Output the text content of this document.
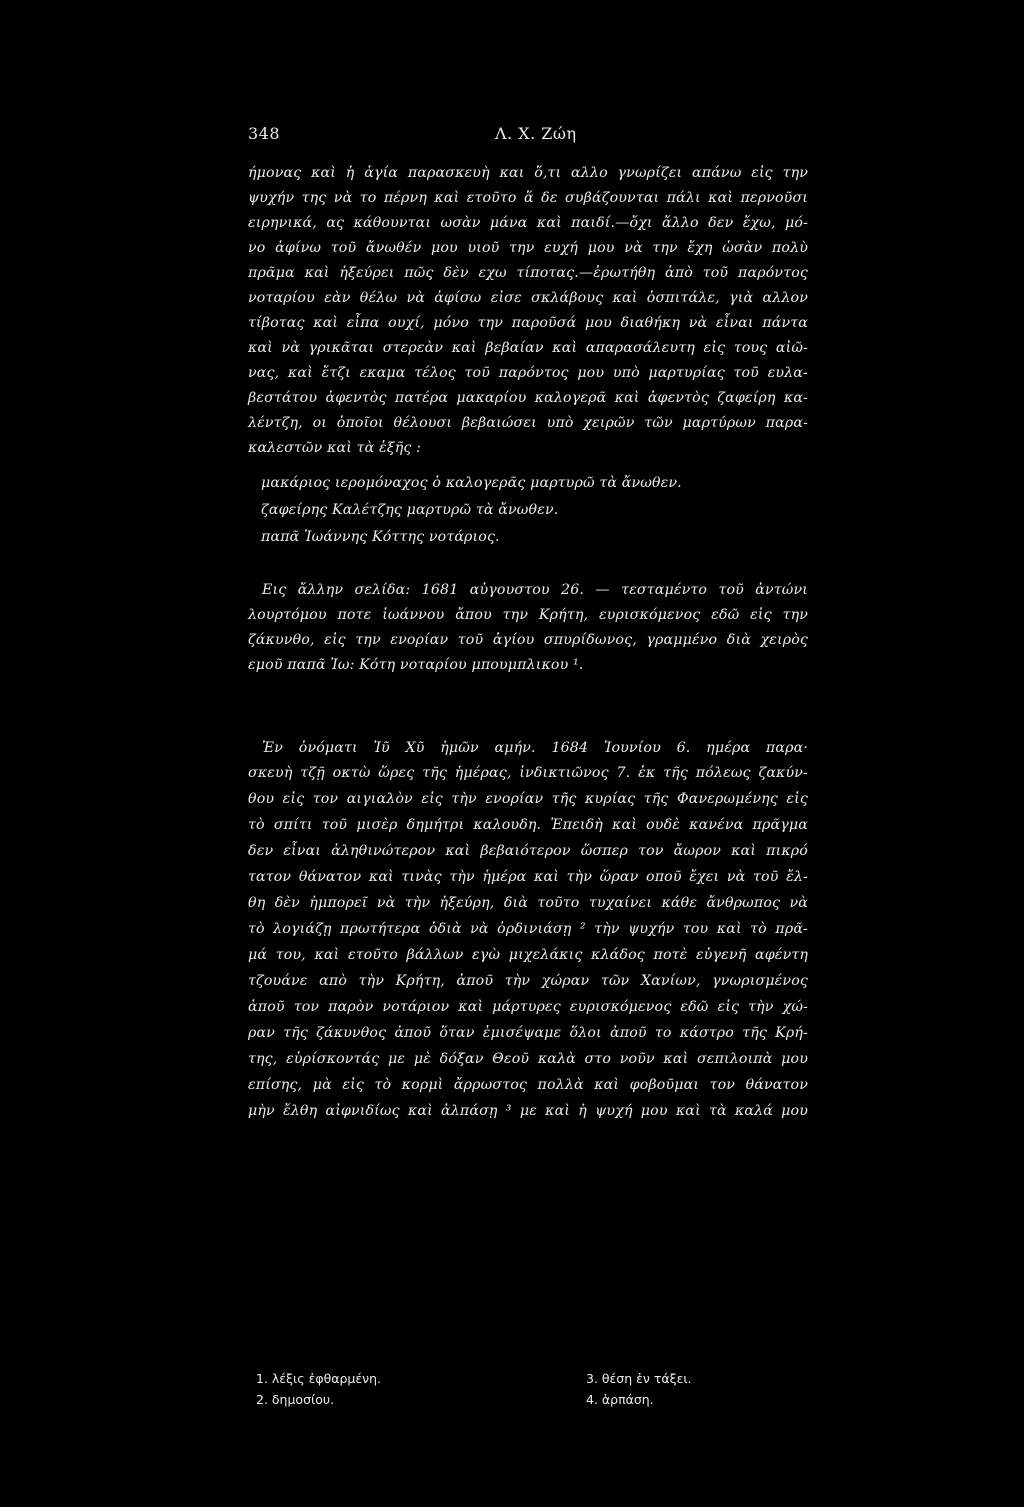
348	Λ. Χ. Ζώη
ήμονας καὶ ἡ ἁγία παρασκευὴ και ὅ,τι αλλο γνωρίζει απάνω εἰς την
ψυχήν της νὰ το πέρνη καὶ ετοῦτο ἅ δε συβάζουνται πάλι καὶ περνοῦσι
ειρηνικά, ας κάθουνται ωσὰν μάνα καὶ παιδί.—ὄχι ἄλλο δεν ἔχω, μό-
νο ἀφίνω τοῦ ἄνωθέν μου υιοῦ την ευχή μου νὰ την ἔχη ὡσὰν πολὺ
πρᾶμα καὶ ἠξεύρει πῶς δὲν εχω τίποτας.—ἐρωτήθη ἀπὸ τοῦ παρόντος
νοταρίου εὰν θέλω νὰ ἀφίσω εἰσε σκλάβους καὶ ὀσπιτάλε, γιὰ αλλον
τίβοτας καὶ εἶπα ουχί, μόνο την παροῦσά μου διαθήκη νὰ εἶναι πάντα
καὶ νὰ γρικᾶται στερεὰν καὶ βεβαίαν καὶ απαρασάλευτη εἰς τους αἰῶ-
νας, καὶ ἔτζι εκαμα τέλος τοῦ παρόντος μου υπὸ μαρτυρίας τοῦ ευλα-
βεστάτου ἀφεντὸς πατέρα μακαρίου καλογερᾶ καὶ ἀφεντὸς ζαφείρη κα-
λέντζη, οι ὁποῖοι θέλουσι βεβαιώσει υπὸ χειρῶν τῶν μαρτύρων παρα-
καλεστῶν καὶ τὰ ἑξῆς :
μακάριος ιερομόναχος ὁ καλογερᾶς μαρτυρῶ τὰ ἄνωθεν.
ζαφείρης Καλέτζης μαρτυρῶ τὰ ἄνωθεν.
παπᾶ Ἰωάννης Κόττης νοτάριος.
Εις ἄλλην σελίδα: 1681 αὐγουστου 26. — τεσταμέντο τοῦ ἀντώνι
λουρτόμου ποτε ἰωάννου ἄπου την Κρήτη, ευρισκόμενος εδῶ εἰς την
ζάκυνθο, εἰς την ενορίαν τοῦ ἁγίου σπυρίδωνος, γραμμένο διὰ χειρὸς
εμοῦ παπᾶ Ἰω: Κότη νοταρίου μπουμπλικου ¹.
Ἐν ὀνόματι Ἰῦ Χῦ ἡμῶν αμήν. 1684 Ἰουνίου 6. ημέρα παρα·
σκευὴ τζῇ οκτὼ ὥρες τῆς ἡμέρας, ἰνδικτιῶνος 7. ἐκ τῆς πόλεως ζακύν-
θου εἰς τον αιγιαλὸν εἰς τὴν ενορίαν τῆς κυρίας τῆς Φανερωμένης εἰς
τὸ σπίτι τοῦ μισὲρ δημήτρι καλουδη. Ἐπειδὴ καὶ ουδὲ κανένα πρᾶγμα
δεν εἶναι ἀληθινώτερον καὶ βεβαιότερον ὥσπερ τον ἄωρον καὶ πικρό
τατον θάνατον καὶ τινὰς τὴν ἡμέρα καὶ τὴν ὥραν οποῦ ἔχει νὰ τοῦ ἔλ-
θη δὲν ἠμπορεῖ νὰ τὴν ἠξεύρη, διὰ τοῦτο τυχαίνει κάθε ἄνθρωπος νὰ
τὸ λογιάζῃ πρωτήτερα ὁδιὰ νὰ ὀρδινιάσῃ ² τὴν ψυχήν του καὶ τὸ πρᾶ-
μά του, καὶ ετοῦτο βάλλων εγὼ μιχελάκις κλάδος ποτὲ εὐγενῆ αφέντη
τζουάνε απὸ τὴν Κρήτη, ἀποῦ τὴν χώραν τῶν Χανίων, γνωρισμένος
ἀποῦ τον παρὸν νοτάριον καὶ μάρτυρες ευρισκόμενος εδῶ εἰς τὴν χώ-
ραν τῆς ζάκυνθος ἀποῦ ὅταν ἐμισέψαμε ὅλοι ἀποῦ το κάστρο τῆς Κρή-
της, εὑρίσκοντάς με μὲ δόξαν Θεοῦ καλὰ στο νοῦν καὶ σεπιλοιπὰ μου
επίσης, μὰ εἰς τὸ κορμὶ ἄρρωστος πολλὰ καὶ φοβοῦμαι τον θάνατον
μὴν ἔλθη αἰφνιδίως καὶ ἀλπάσῃ ³ με καὶ ἡ ψυχή μου καὶ τὰ καλά μου
1. λέξις ἐφθαρμένη.	3. θέση ἐν τάξει.
2. δημοσίου.	4. ἁρπάση.
